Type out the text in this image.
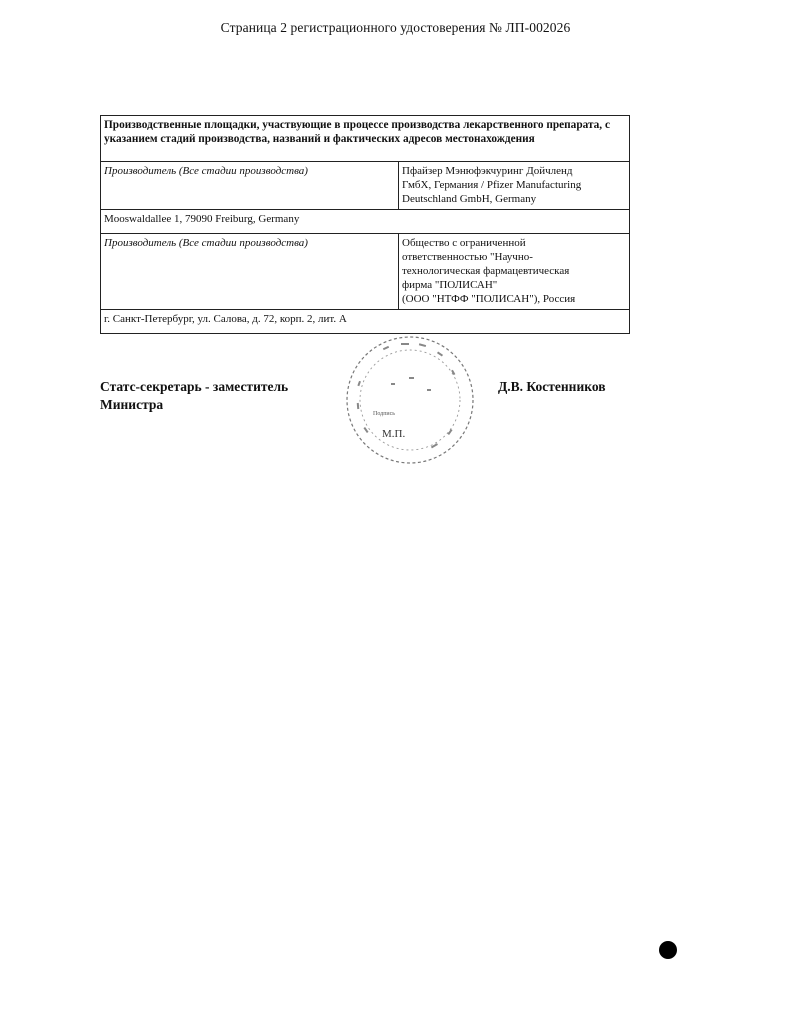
Страница 2 регистрационного удостоверения № ЛП-002026
Производственные площадки, участвующие в процессе производства лекарственного препарата, с указанием стадий производства, названий и фактических адресов местонахождения	
Производитель (Все стадии производства)	Пфайзер Мэнюфэкчуринг Дойчленд
ГмбХ, Германия / Pfizer Manufacturing
Deutschland GmbH, Germany

Mooswaldallee 1, 79090 Freiburg, Germany	
Производитель (Все стадии производства)	Общество с ограниченной
ответственностью "Научно-
технологическая фармацевтическая
фирма "ПОЛИСАН"
(ООО "НТФФ "ПОЛИСАН"), Россия

г. Санкт-Петербург, ул. Салова, д. 72, корп. 2, лит. А	
Подпись
М.П.
Статс-секретарь - заместитель
Министра
Д.В. Костенников
